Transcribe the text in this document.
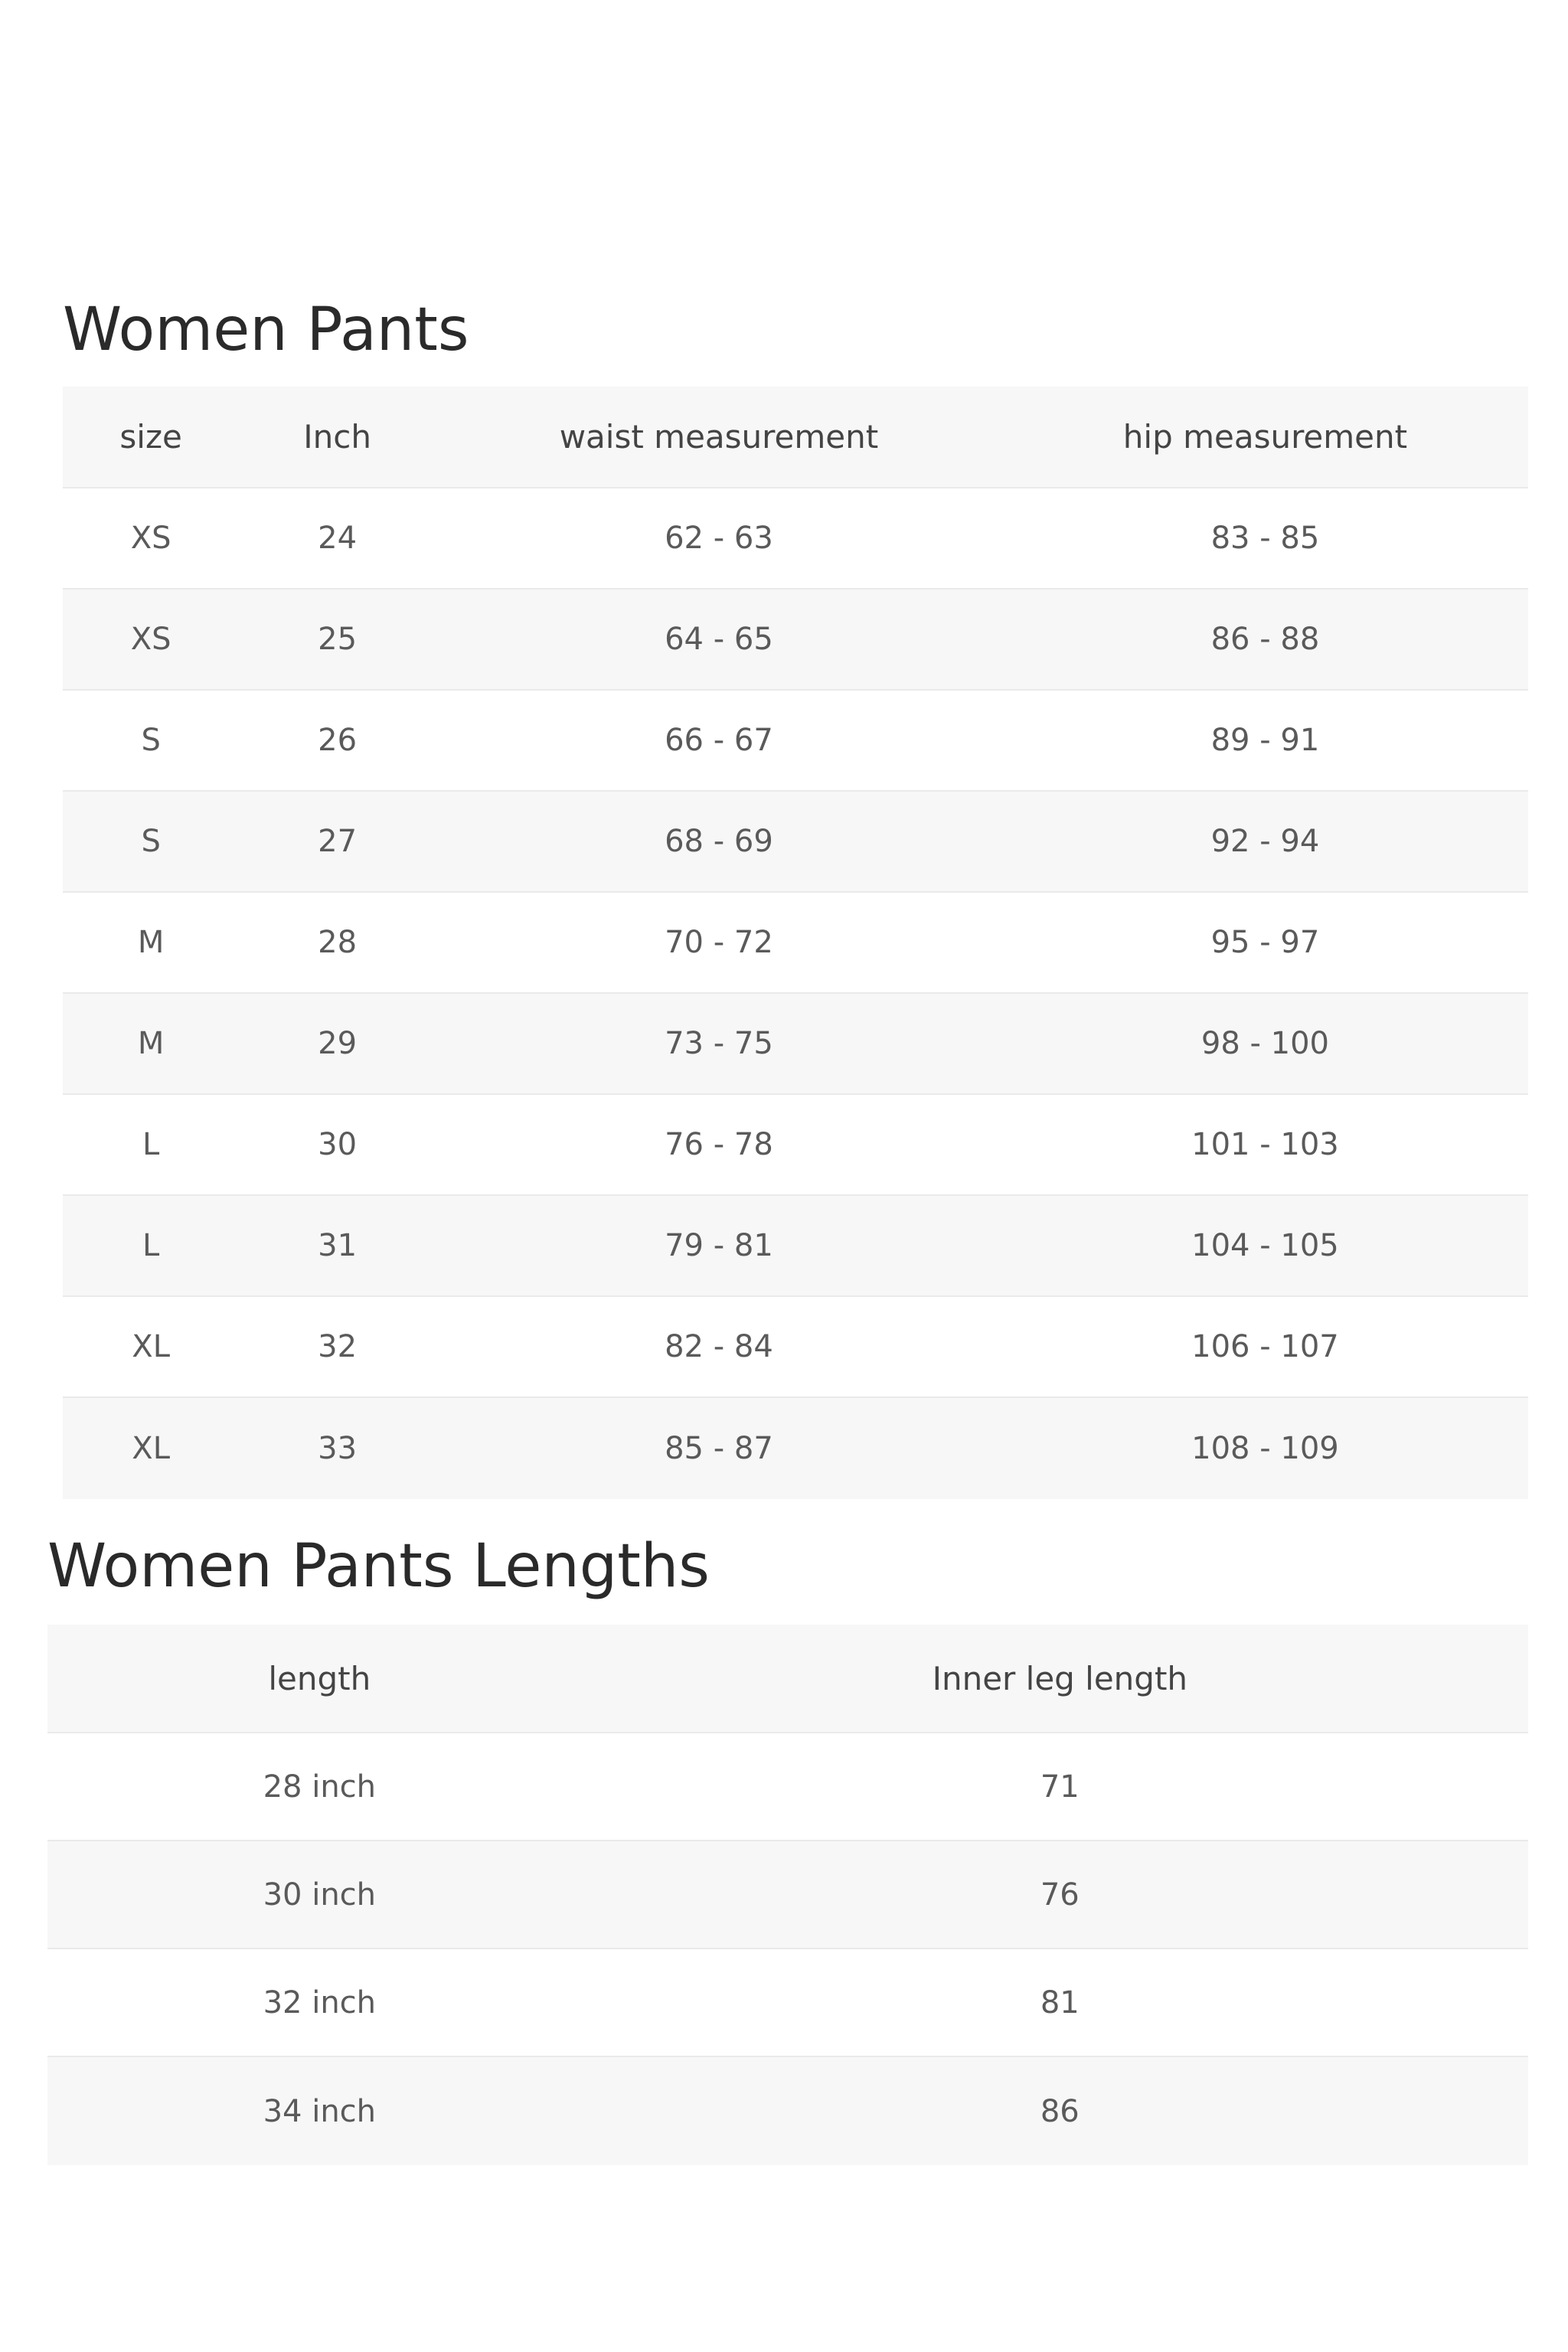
Women Pants
size	Inch	waist measurement	hip measurement
XS	24	62 - 63	83 - 85
XS	25	64 - 65	86 - 88
S	26	66 - 67	89 - 91
S	27	68 - 69	92 - 94
M	28	70 - 72	95 - 97
M	29	73 - 75	98 - 100
L	30	76 - 78	101 - 103
L	31	79 - 81	104 - 105
XL	32	82 - 84	106 - 107
XL	33	85 - 87	108 - 109
Women Pants Lengths
length	Inner leg length
28 inch	71
30 inch	76
32 inch	81
34 inch	86
